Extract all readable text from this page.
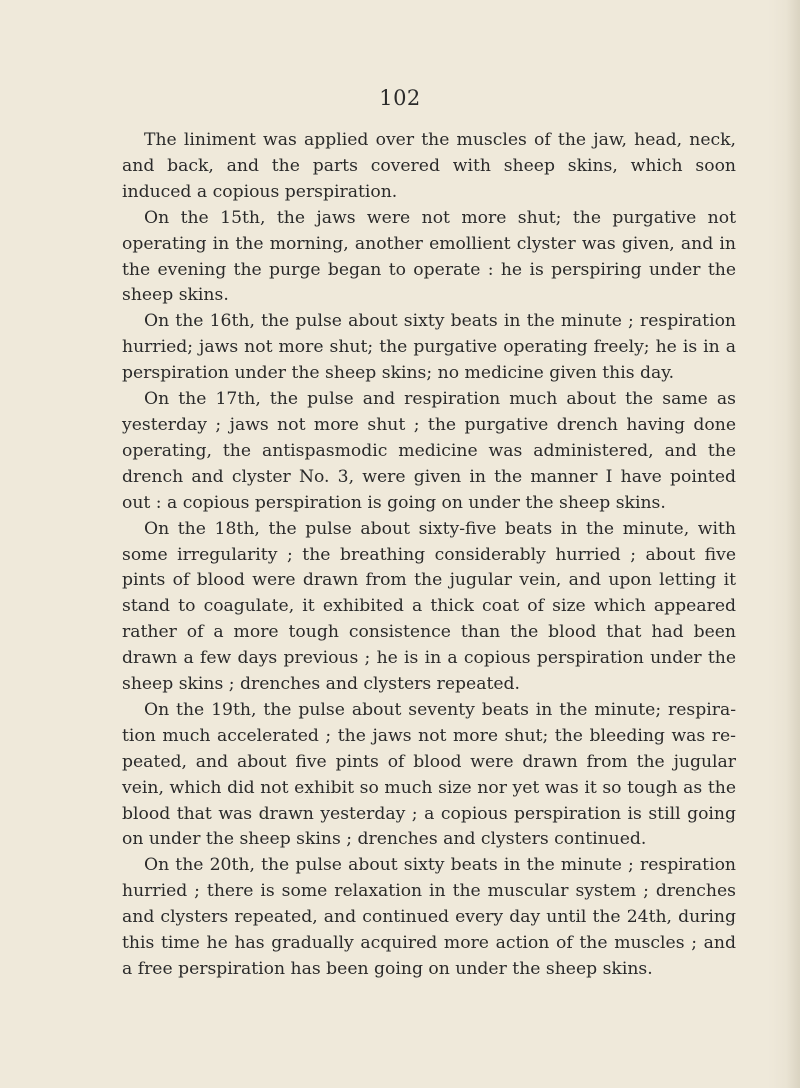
102

The liniment was applied over the muscles of the jaw, head, neck, and back, and the parts covered with sheep skins, which soon induced a copious perspiration.

On the 15th, the jaws were not more shut; the purgative not operating in the morning, another emollient clyster was given, and in the evening the purge began to operate : he is perspiring under the sheep skins.

On the 16th, the pulse about sixty beats in the minute ; respiration hurried; jaws not more shut; the purgative operating freely; he is in a perspiration under the sheep skins; no medicine given this day.

On the 17th, the pulse and respiration much about the same as yesterday ; jaws not more shut ; the purgative drench having done operating, the antispasmodic medicine was administered, and the drench and clyster No. 3, were given in the manner I have pointed out : a copious perspiration is going on under the sheep skins.

On the 18th, the pulse about sixty-five beats in the minute, with some irregularity ; the breathing considerably hurried ; about five pints of blood were drawn from the jugular vein, and upon letting it stand to coagulate, it exhibited a thick coat of size which appeared rather of a more tough consistence than the blood that had been drawn a few days previous ; he is in a copious perspiration under the sheep skins ; drenches and clysters repeated.

On the 19th, the pulse about seventy beats in the minute; respira- tion much accelerated ; the jaws not more shut; the bleeding was re- peated, and about five pints of blood were drawn from the jugular vein, which did not exhibit so much size nor yet was it so tough as the blood that was drawn yesterday ; a copious perspiration is still going on under the sheep skins ; drenches and clysters continued.

On the 20th, the pulse about sixty beats in the minute ; respiration hurried ; there is some relaxation in the muscular system ; drenches and clysters repeated, and continued every day until the 24th, during this time he has gradually acquired more action of the muscles ; and a free perspiration has been going on under the sheep skins.
